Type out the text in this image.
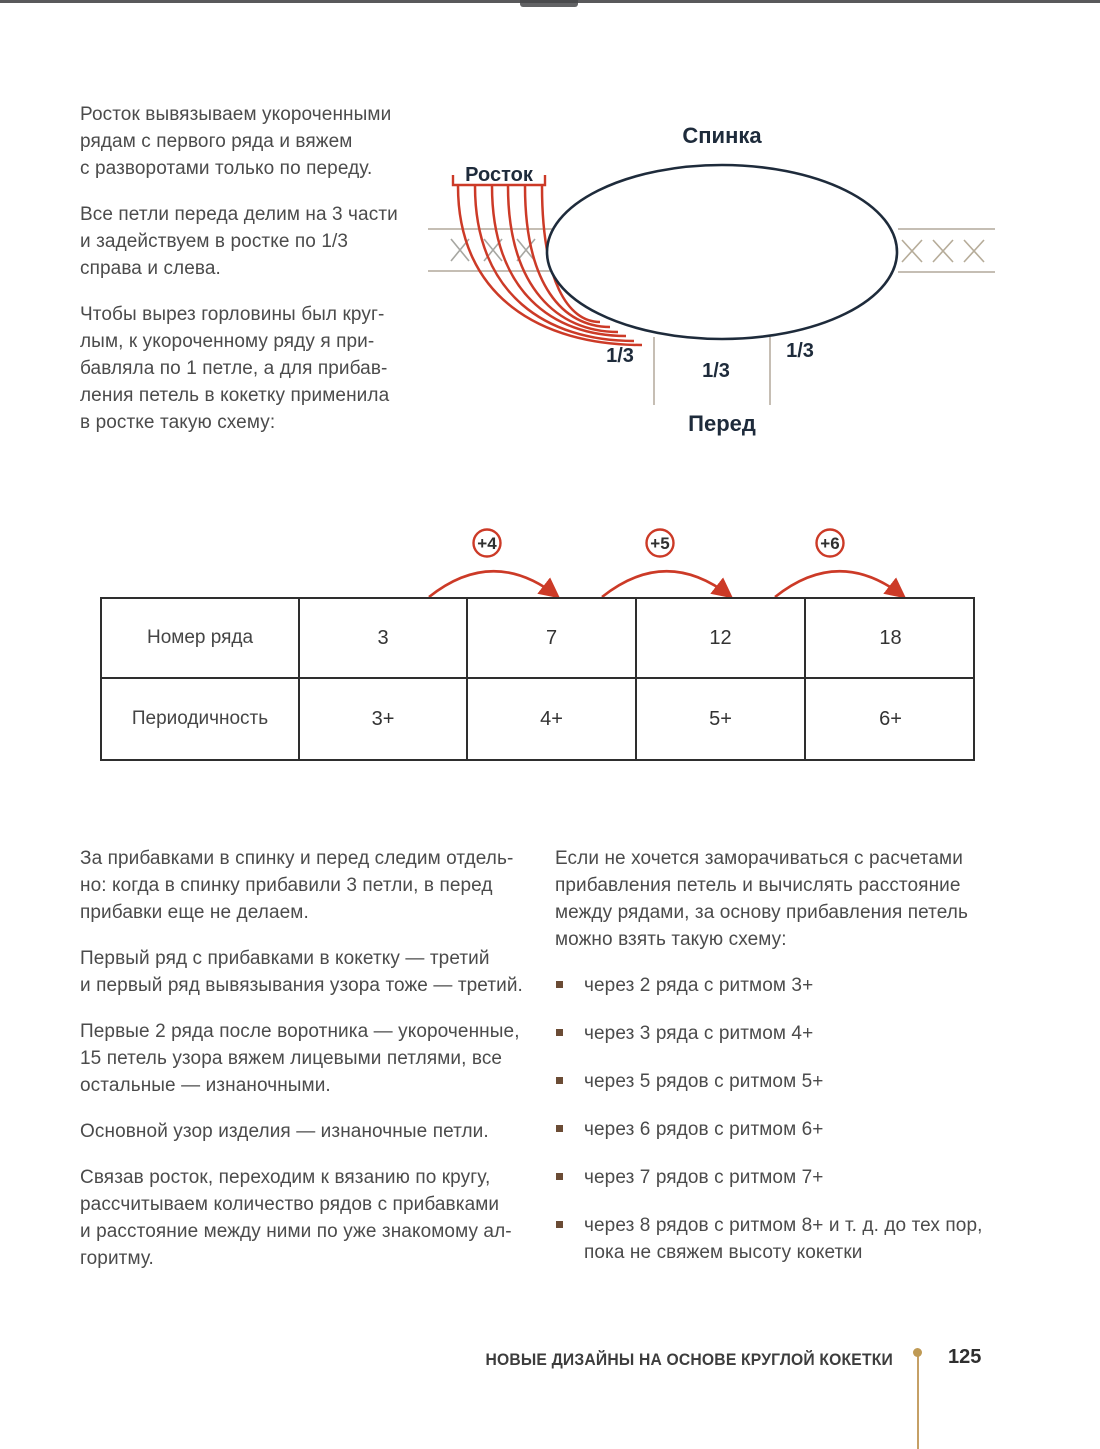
Росток вывязываем укороченными
рядам с первого ряда и вяжем
с разворотами только по переду.
Все петли переда делим на 3 части
и задействуем в ростке по 1/3
справа и слева.
Чтобы вырез горловины был круг-
лым, к укороченному ряду я при-
бавляла по 1 петле, а для прибав-
ления петель в кокетку применила
в ростке такую схему:
Спинка
Росток
1/3
1/3
1/3
Перед
+4	+5	+6
Номер ряда	3	7	12	18
Периодичность	3+	4+	5+	6+
За прибавками в спинку и перед следим отдель-
но: когда в спинку прибавили 3 петли, в перед
прибавки еще не делаем.
Первый ряд с прибавками в кокетку — третий
и первый ряд вывязывания узора тоже — третий.
Первые 2 ряда после воротника — укороченные,
15 петель узора вяжем лицевыми петлями, все
остальные — изнаночными.
Основной узор изделия — изнаночные петли.
Связав росток, переходим к вязанию по кругу,
рассчитываем количество рядов с прибавками
и расстояние между ними по уже знакомому ал-
горитму.
Если не хочется заморачиваться с расчетами
прибавления петель и вычислять расстояние
между рядами, за основу прибавления петель
можно взять такую схему:
через 2 ряда с ритмом 3+
через 3 ряда с ритмом 4+
через 5 рядов с ритмом 5+
через 6 рядов с ритмом 6+
через 7 рядов с ритмом 7+
через 8 рядов с ритмом 8+ и т. д. до тех пор,
пока не свяжем высоту кокетки
НОВЫЕ ДИЗАЙНЫ НА ОСНОВЕ КРУГЛОЙ КОКЕТКИ	125
